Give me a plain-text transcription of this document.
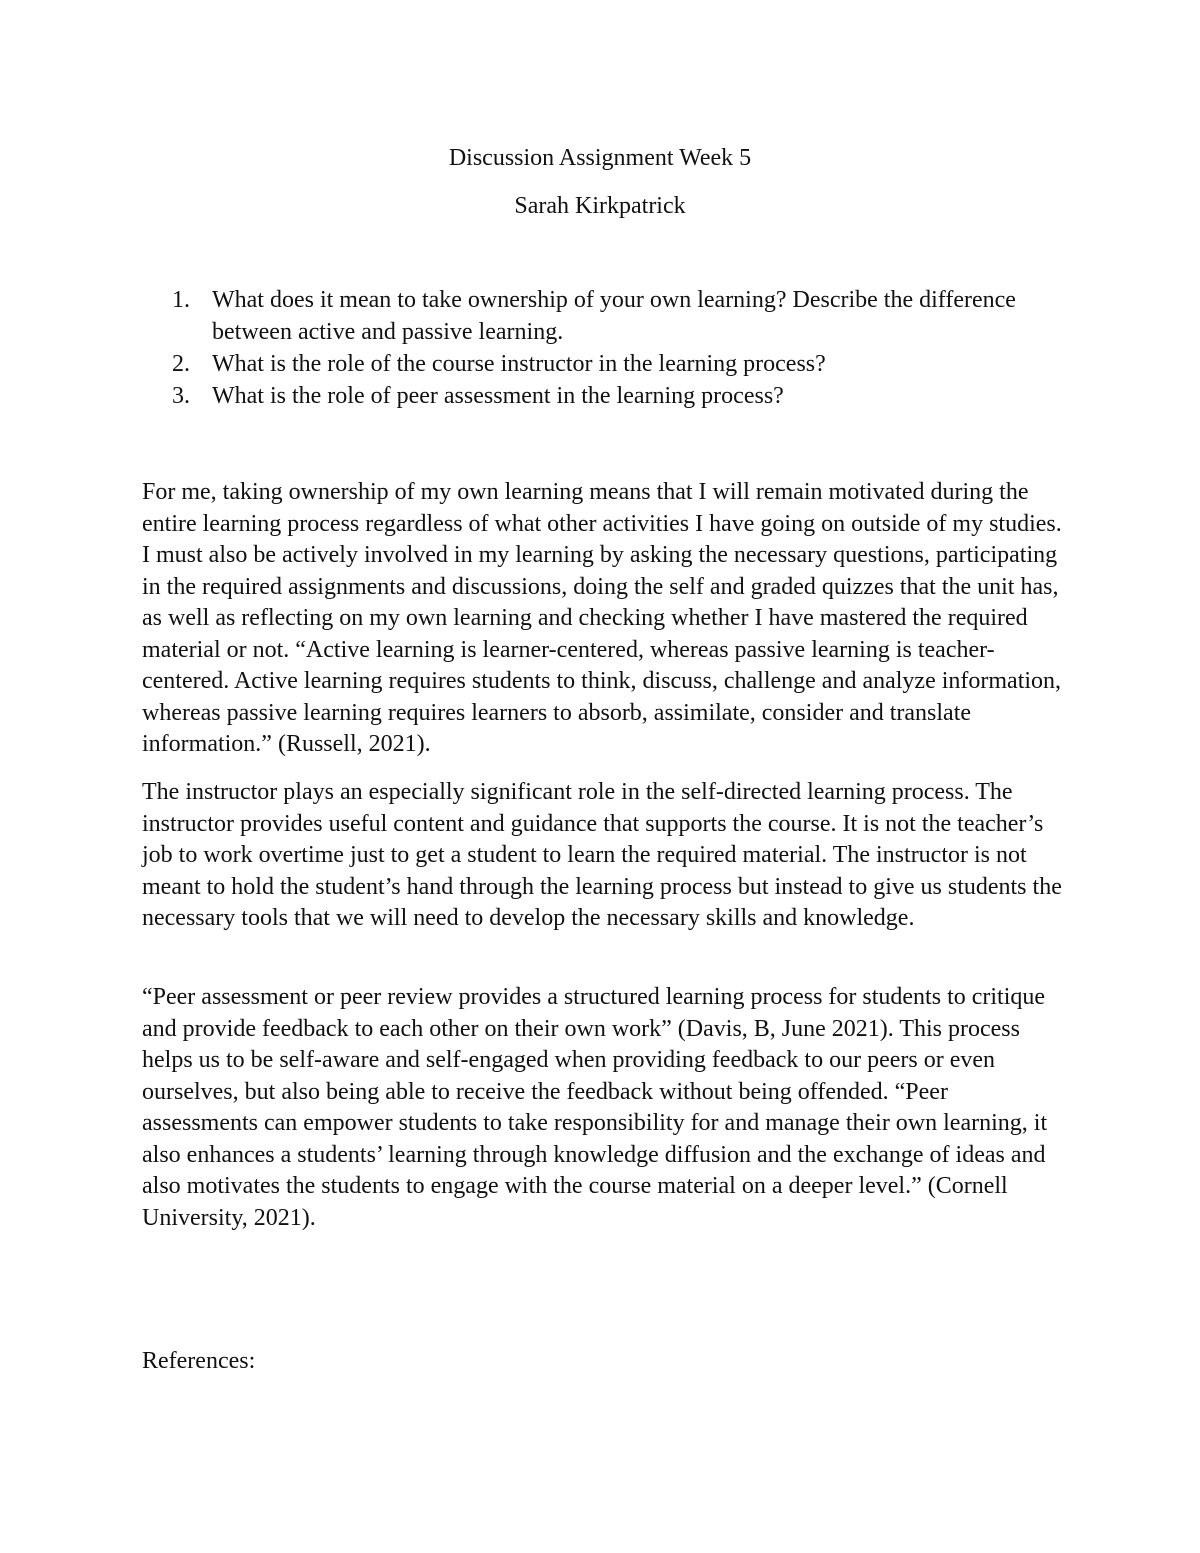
Discussion Assignment Week 5
Sarah Kirkpatrick
1. What does it mean to take ownership of your own learning? Describe the difference between active and passive learning.
2. What is the role of the course instructor in the learning process?
3. What is the role of peer assessment in the learning process?

For me, taking ownership of my own learning means that I will remain motivated during the entire learning process regardless of what other activities I have going on outside of my studies. I must also be actively involved in my learning by asking the necessary questions, participating in the required assignments and discussions, doing the self and graded quizzes that the unit has, as well as reflecting on my own learning and checking whether I have mastered the required material or not. “Active learning is learner-centered, whereas passive learning is teacher-centered. Active learning requires students to think, discuss, challenge and analyze information, whereas passive learning requires learners to absorb, assimilate, consider and translate information.” (Russell, 2021).

The instructor plays an especially significant role in the self-directed learning process. The instructor provides useful content and guidance that supports the course. It is not the teacher’s job to work overtime just to get a student to learn the required material. The instructor is not meant to hold the student’s hand through the learning process but instead to give us students the necessary tools that we will need to develop the necessary skills and knowledge.

“Peer assessment or peer review provides a structured learning process for students to critique and provide feedback to each other on their own work” (Davis, B, June 2021). This process helps us to be self-aware and self-engaged when providing feedback to our peers or even ourselves, but also being able to receive the feedback without being offended. “Peer assessments can empower students to take responsibility for and manage their own learning, it also enhances a students’ learning through knowledge diffusion and the exchange of ideas and also motivates the students to engage with the course material on a deeper level.” (Cornell University, 2021).

References:
